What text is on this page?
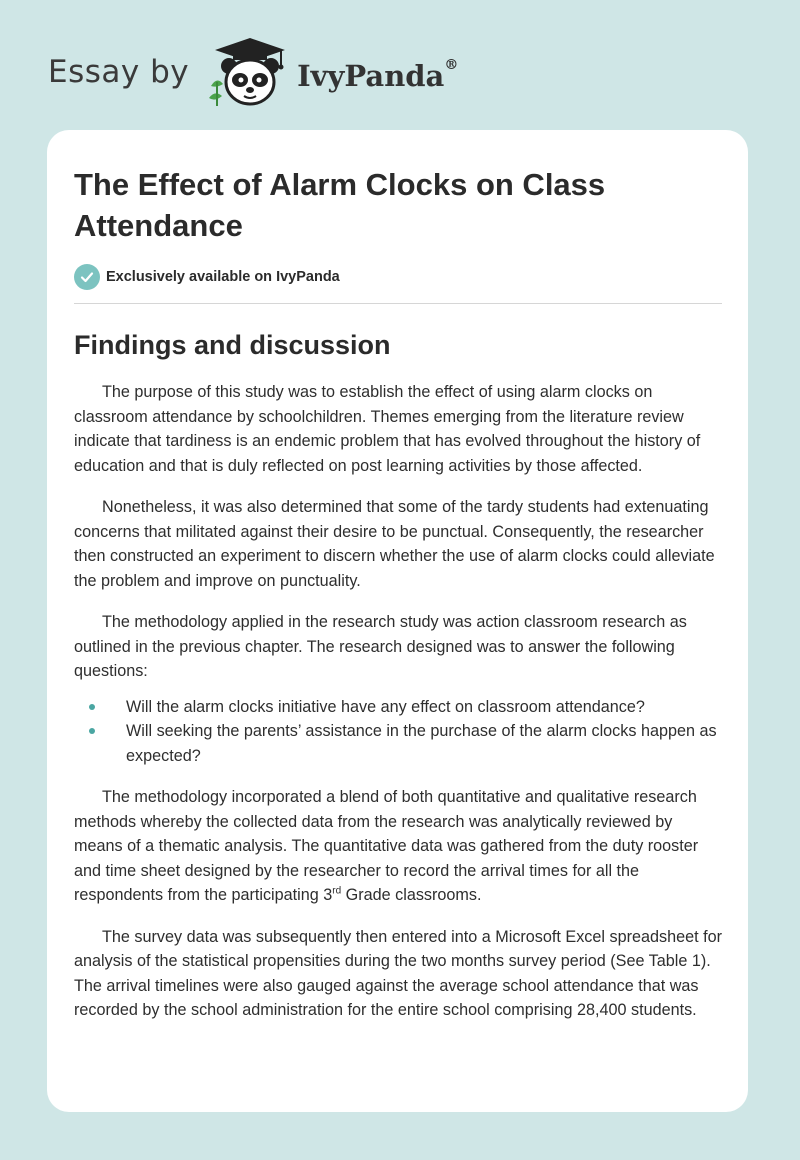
Essay by	IvyPanda®
The Effect of Alarm Clocks on Class Attendance
Exclusively available on IvyPanda
Findings and discussion

The purpose of this study was to establish the effect of using alarm clocks on classroom attendance by schoolchildren. Themes emerging from the literature review indicate that tardiness is an endemic problem that has evolved throughout the history of education and that is duly reflected on post learning activities by those affected.

Nonetheless, it was also determined that some of the tardy students had extenuating concerns that militated against their desire to be punctual. Consequently, the researcher then constructed an experiment to discern whether the use of alarm clocks could alleviate the problem and improve on punctuality.

The methodology applied in the research study was action classroom research as outlined in the previous chapter. The research designed was to answer the following questions:

Will the alarm clocks initiative have any effect on classroom attendance?
Will seeking the parents’ assistance in the purchase of the alarm clocks happen as expected?

The methodology incorporated a blend of both quantitative and qualitative research methods whereby the collected data from the research was analytically reviewed by means of a thematic analysis. The quantitative data was gathered from the duty rooster and time sheet designed by the researcher to record the arrival times for all the respondents from the participating 3rd Grade classrooms.

The survey data was subsequently then entered into a Microsoft Excel spreadsheet for analysis of the statistical propensities during the two months survey period (See Table 1). The arrival timelines were also gauged against the average school attendance that was recorded by the school administration for the entire school comprising 28,400 students.
